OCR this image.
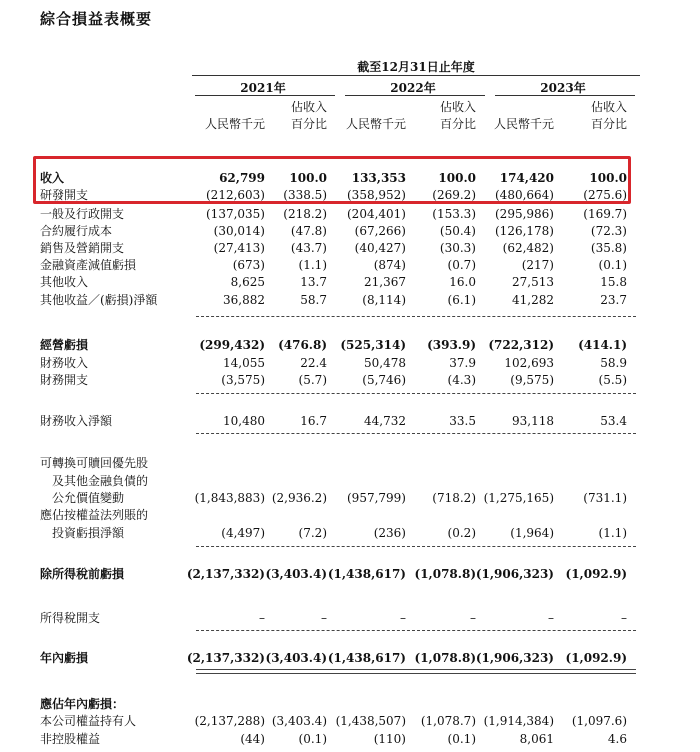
綜合損益表概要
截至12月31日止年度
2021年	2022年	2023年
人民幣千元
佔收入
百分比	人民幣千元
佔收入
百分比	人民幣千元
佔收入
百分比
收入	62,799	100.0	133,353	100.0	174,420	100.0
研發開支	(212,603)	(338.5)	(358,952)	(269.2)	(480,664)	(275.6)
一般及行政開支	(137,035)	(218.2)	(204,401)	(153.3)	(295,986)	(169.7)
合約履行成本	(30,014)	(47.8)	(67,266)	(50.4)	(126,178)	(72.3)
銷售及營銷開支	(27,413)	(43.7)	(40,427)	(30.3)	(62,482)	(35.8)
金融資產減值虧損	(673)	(1.1)	(874)	(0.7)	(217)	(0.1)
其他收入	8,625	13.7	21,367	16.0	27,513	15.8
其他收益／(虧損)淨額	36,882	58.7	(8,114)	(6.1)	41,282	23.7
經營虧損	(299,432)	(476.8)	(525,314)	(393.9)	(722,312)	(414.1)
財務收入	14,055	22.4	50,478	37.9	102,693	58.9
財務開支	(3,575)	(5.7)	(5,746)	(4.3)	(9,575)	(5.5)
財務收入淨額	10,480	16.7	44,732	33.5	93,118	53.4
可轉換可贖回優先股
及其他金融負債的
公允價值變動	(1,843,883) (2,936.2)	(957,799)	(718.2) (1,275,165)	(731.1)
應佔按權益法列賬的
投資虧損淨額	(4,497)	(7.2)	(236)	(0.2)	(1,964)	(1.1)
除所得稅前虧損	(2,137,332) (3,403.4) (1,438,617) (1,078.8) (1,906,323) (1,092.9)
所得稅開支	–	–	–	–	–	–
年內虧損	(2,137,332) (3,403.4) (1,438,617) (1,078.8) (1,906,323) (1,092.9)
應佔年內虧損：
本公司權益持有人	(2,137,288) (3,403.4) (1,438,507)	(1,078.7) (1,914,384)	(1,097.6)
非控股權益	(44)	(0.1)	(110)	(0.1)	8,061	4.6
